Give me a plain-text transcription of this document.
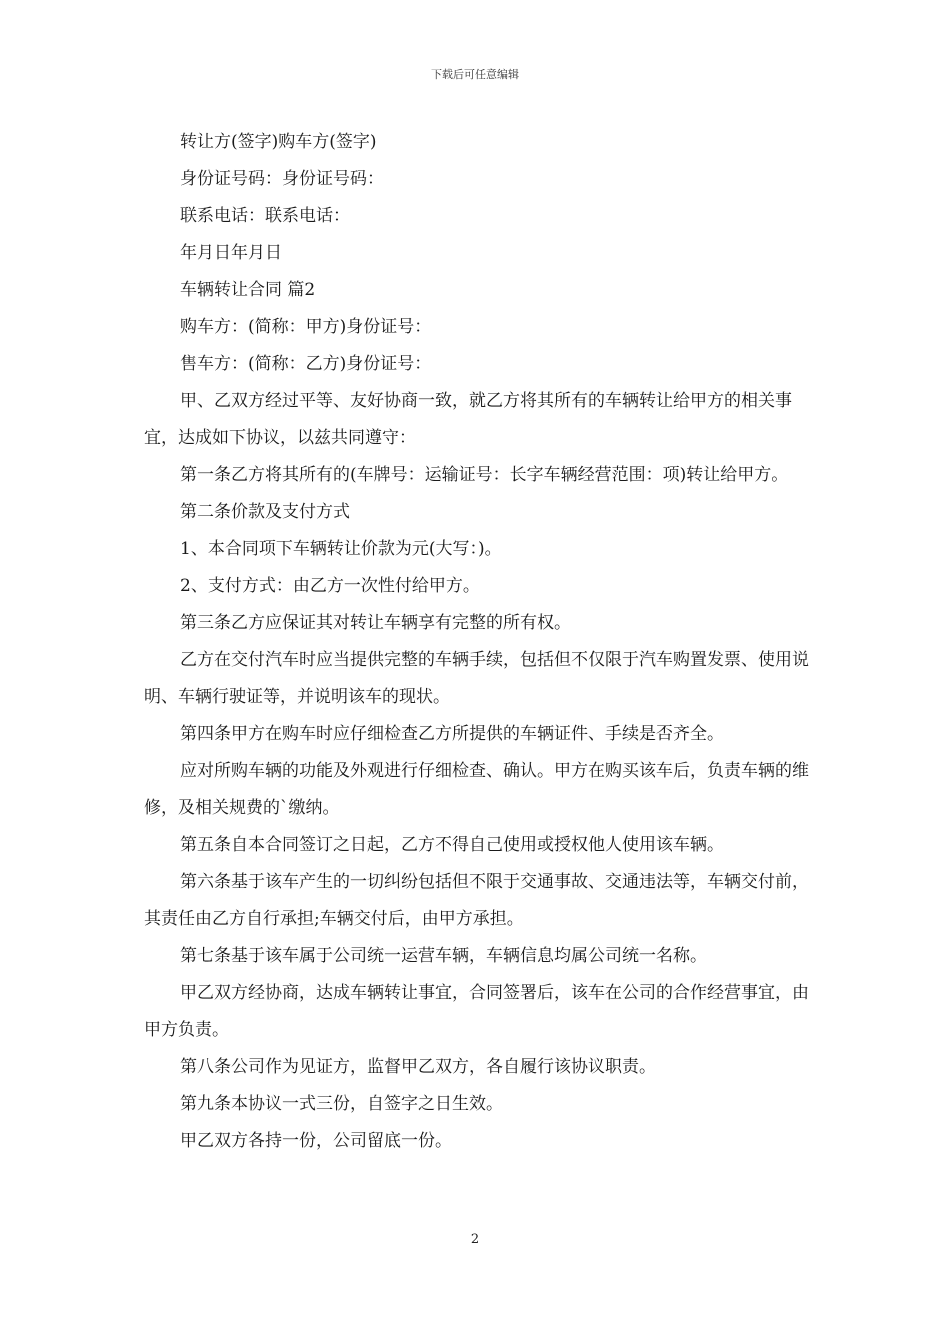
下载后可任意编辑

转让方(签字)购车方(签字)

身份证号码：身份证号码：

联系电话：联系电话：

年月日年月日

车辆转让合同 篇2

购车方：(简称：甲方)身份证号：

售车方：(简称：乙方)身份证号：

甲、乙双方经过平等、友好协商一致，就乙方将其所有的车辆转让给甲方的相关事宜，达成如下协议，以兹共同遵守：

第一条乙方将其所有的(车牌号：运输证号：长字车辆经营范围：项)转让给甲方。

第二条价款及支付方式

1、本合同项下车辆转让价款为元(大写：)。

2、支付方式：由乙方一次性付给甲方。

第三条乙方应保证其对转让车辆享有完整的所有权。

乙方在交付汽车时应当提供完整的车辆手续，包括但不仅限于汽车购置发票、使用说明、车辆行驶证等，并说明该车的现状。

第四条甲方在购车时应仔细检查乙方所提供的车辆证件、手续是否齐全。

应对所购车辆的功能及外观进行仔细检查、确认。甲方在购买该车后，负责车辆的维修，及相关规费的`缴纳。

第五条自本合同签订之日起，乙方不得自己使用或授权他人使用该车辆。

第六条基于该车产生的一切纠纷包括但不限于交通事故、交通违法等，车辆交付前，其责任由乙方自行承担;车辆交付后，由甲方承担。

第七条基于该车属于公司统一运营车辆，车辆信息均属公司统一名称。

甲乙双方经协商，达成车辆转让事宜，合同签署后，该车在公司的合作经营事宜，由甲方负责。

第八条公司作为见证方，监督甲乙双方，各自履行该协议职责。

第九条本协议一式三份，自签字之日生效。

甲乙双方各持一份，公司留底一份。

2
